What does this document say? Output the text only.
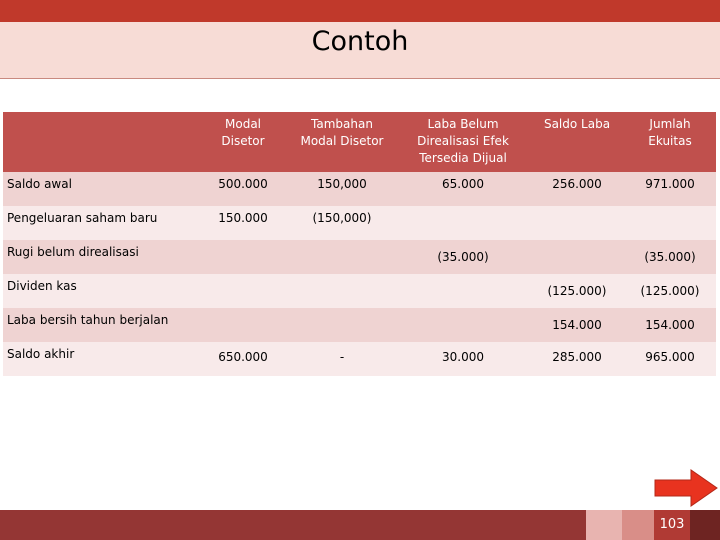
Contoh
	Modal Disetor	Tambahan Modal Disetor	Laba Belum Direalisasi Efek Tersedia Dijual	Saldo Laba	Jumlah Ekuitas
Saldo awal	500.000	150,000	65.000	256.000	971.000
Pengeluaran saham baru	150.000	(150,000)			
Rugi belum direalisasi			(35.000)		(35.000)
Dividen kas				(125.000)	(125.000)
Laba bersih tahun berjalan				154.000	154.000
Saldo akhir	650.000	-	30.000	285.000	965.000
103
